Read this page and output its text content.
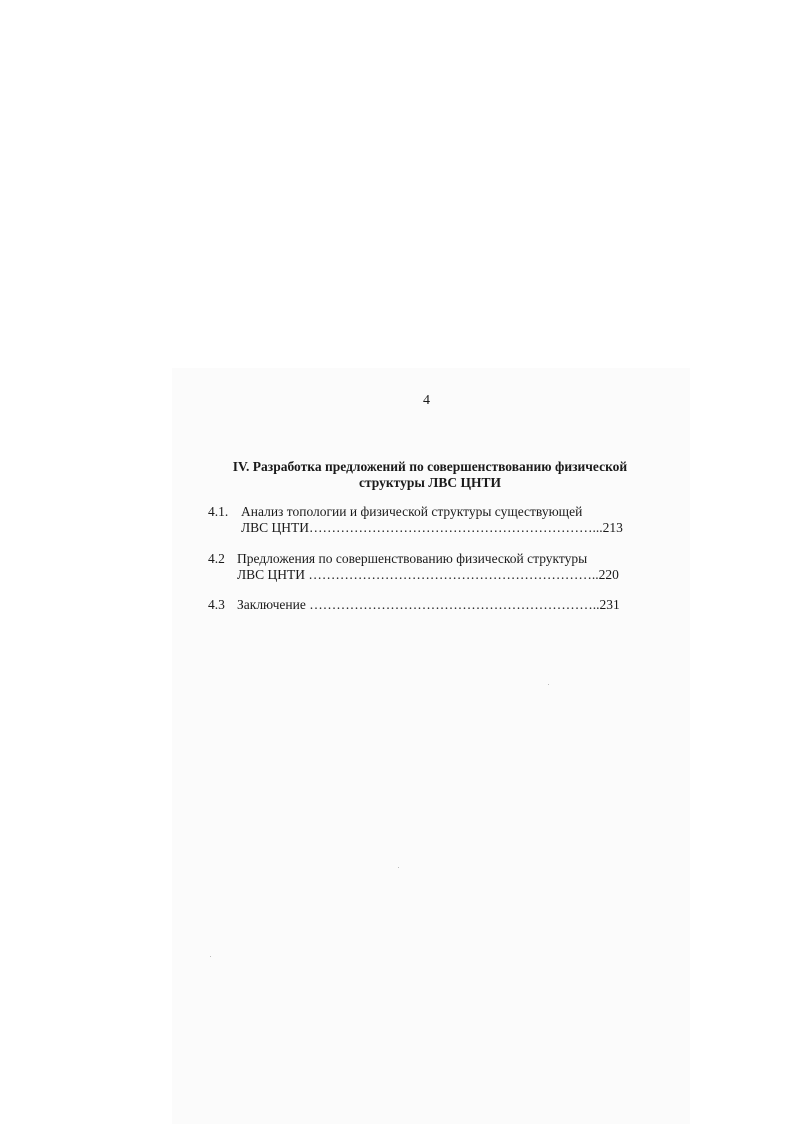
4
IV. Разработка предложений по совершенствованию физической
структуры ЛВС ЦНТИ
4.1. Анализ топологии и физической структуры существующей
ЛВС ЦНТИ………………………………………………………...213
4.2 Предложения по совершенствованию физической структуры
ЛВС ЦНТИ ………………………………………………………..220
4.3 Заключение ………………………………………………………..231
